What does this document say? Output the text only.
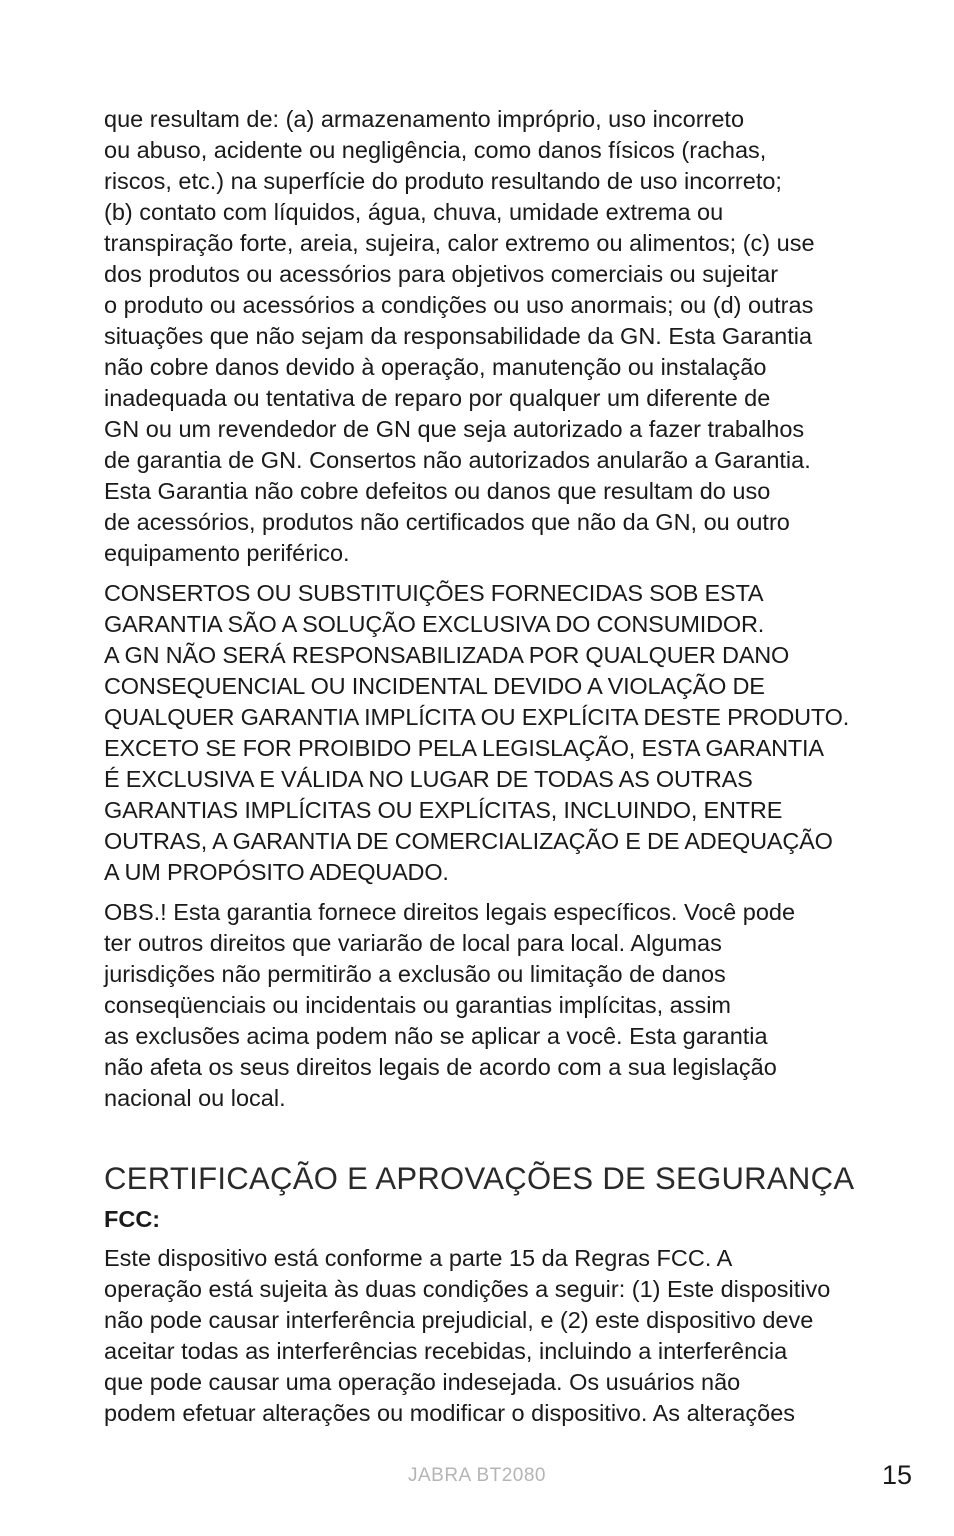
que resultam de: (a) armazenamento impróprio, uso incorreto
ou abuso, acidente ou negligência, como danos físicos (rachas,
riscos, etc.) na superfície do produto resultando de uso incorreto;
(b) contato com líquidos, água, chuva, umidade extrema ou
transpiração forte, areia, sujeira, calor extremo ou alimentos; (c) use
dos produtos ou acessórios para objetivos comerciais ou sujeitar
o produto ou acessórios a condições ou uso anormais; ou (d) outras
situações que não sejam da responsabilidade da GN. Esta Garantia
não cobre danos devido à operação, manutenção ou instalação
inadequada ou tentativa de reparo por qualquer um diferente de
GN ou um revendedor de GN que seja autorizado a fazer trabalhos
de garantia de GN. Consertos não autorizados anularão a Garantia.
Esta Garantia não cobre defeitos ou danos que resultam do uso
de acessórios, produtos não certificados que não da GN, ou outro
equipamento periférico.

CONSERTOS OU SUBSTITUIÇÕES FORNECIDAS SOB ESTA
GARANTIA SÃO A SOLUÇÃO EXCLUSIVA DO CONSUMIDOR.
A GN NÃO SERÁ RESPONSABILIZADA POR QUALQUER DANO
CONSEQUENCIAL OU INCIDENTAL DEVIDO A VIOLAÇÃO DE
QUALQUER GARANTIA IMPLÍCITA OU EXPLÍCITA DESTE PRODUTO.
EXCETO SE FOR PROIBIDO PELA LEGISLAÇÃO, ESTA GARANTIA
É EXCLUSIVA E VÁLIDA NO LUGAR DE TODAS AS OUTRAS
GARANTIAS IMPLÍCITAS OU EXPLÍCITAS, INCLUINDO, ENTRE
OUTRAS, A GARANTIA DE COMERCIALIZAÇÃO E DE ADEQUAÇÃO
A UM PROPÓSITO ADEQUADO.

OBS.! Esta garantia fornece direitos legais específicos. Você pode
ter outros direitos que variarão de local para local. Algumas
jurisdições não permitirão a exclusão ou limitação de danos
conseqüenciais ou incidentais ou garantias implícitas, assim
as exclusões acima podem não se aplicar a você. Esta garantia
não afeta os seus direitos legais de acordo com a sua legislação
nacional ou local.

CERTIFICAÇÃO E APROVAÇÕES DE SEGURANÇA
FCC:

Este dispositivo está conforme a parte 15 da Regras FCC. A
operação está sujeita às duas condições a seguir: (1) Este dispositivo
não pode causar interferência prejudicial, e (2) este dispositivo deve
aceitar todas as interferências recebidas, incluindo a interferência
que pode causar uma operação indesejada. Os usuários não
podem efetuar alterações ou modificar o dispositivo. As alterações

JABRA BT2080	15
